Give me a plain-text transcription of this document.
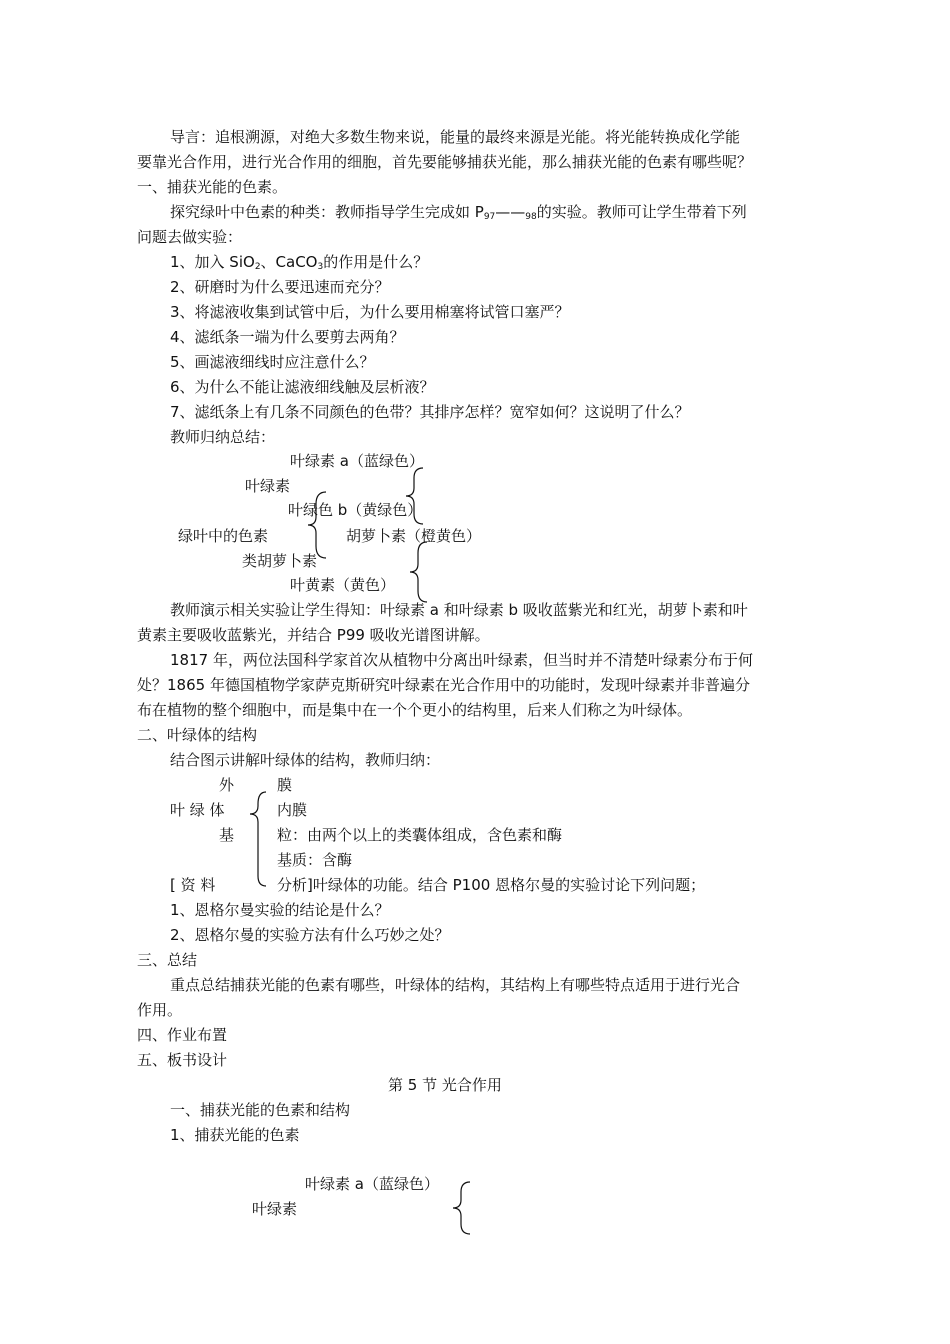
导言：追根溯源，对绝大多数生物来说，能量的最终来源是光能。将光能转换成化学能
要靠光合作用，进行光合作用的细胞，首先要能够捕获光能，那么捕获光能的色素有哪些呢？
一、捕获光能的色素。
探究绿叶中色素的种类：教师指导学生完成如 $P_{97}——_{98}$的实验。教师可让学生带着下列
问题去做实验：
1、加入 SiO$_2$、CaCO$_3$的作用是什么？
2、研磨时为什么要迅速而充分？
3、将滤液收集到试管中后，为什么要用棉塞将试管口塞严？
4、滤纸条一端为什么要剪去两角？
5、画滤液细线时应注意什么？
6、为什么不能让滤液细线触及层析液？
7、滤纸条上有几条不同颜色的色带？其排序怎样？宽窄如何？这说明了什么？
教师归纳总结：
叶绿素 a（蓝绿色）
叶绿素
叶绿色 b（黄绿色）
绿叶中的色素	胡萝卜素（橙黄色）
类胡萝卜素
叶黄素（黄色）
教师演示相关实验让学生得知：叶绿素 a 和叶绿素 b 吸收蓝紫光和红光，胡萝卜素和叶
黄素主要吸收蓝紫光，并结合 P99 吸收光谱图讲解。
1817 年，两位法国科学家首次从植物中分离出叶绿素，但当时并不清楚叶绿素分布于何
处？1865 年德国植物学家萨克斯研究叶绿素在光合作用中的功能时，发现叶绿素并非普遍分
布在植物的整个细胞中，而是集中在一个个更小的结构里，后来人们称之为叶绿体。
二、叶绿体的结构
结合图示讲解叶绿体的结构，教师归纳：
外	膜
叶 绿 体	内膜
基	粒：由两个以上的类囊体组成，含色素和酶
基质：含酶
[ 资 料	分析]叶绿体的功能。结合 P100 恩格尔曼的实验讨论下列问题；
1、恩格尔曼实验的结论是什么？
2、恩格尔曼的实验方法有什么巧妙之处？
三、总结
重点总结捕获光能的色素有哪些，叶绿体的结构，其结构上有哪些特点适用于进行光合
作用。
四、作业布置
五、板书设计
第 5 节 光合作用
一、捕获光能的色素和结构
1、捕获光能的色素
叶绿素 a（蓝绿色）
叶绿素
